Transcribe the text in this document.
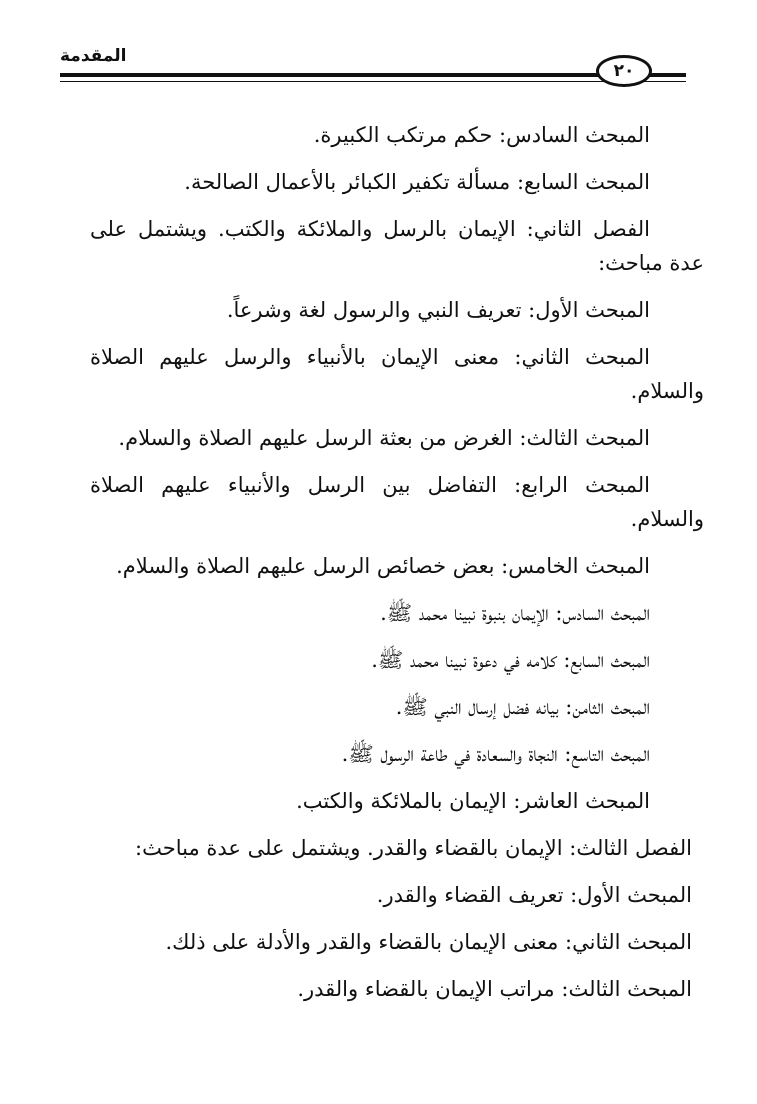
المقدمة
٢٠

المبحث السادس: حكم مرتكب الكبيرة.

المبحث السابع: مسألة تكفير الكبائر بالأعمال الصالحة.

الفصل الثاني: الإيمان بالرسل والملائكة والكتب. ويشتمل على
عدة مباحث:

المبحث الأول: تعريف النبي والرسول لغة وشرعاً.

المبحث الثاني: معنى الإيمان بالأنبياء والرسل عليهم الصلاة
والسلام.

المبحث الثالث: الغرض من بعثة الرسل عليهم الصلاة والسلام.

المبحث الرابع: التفاضل بين الرسل والأنبياء عليهم الصلاة
والسلام.

المبحث الخامس: بعض خصائص الرسل عليهم الصلاة والسلام.

المبحث السادس: الإيمان بنبوة نبينا محمد ﷺ.

المبحث السابع: كلامه في دعوة نبينا محمد ﷺ.

المبحث الثامن: بيانه فضل إرسال النبي ﷺ.

المبحث التاسع: النجاة والسعادة في طاعة الرسول ﷺ.

المبحث العاشر: الإيمان بالملائكة والكتب.

الفصل الثالث: الإيمان بالقضاء والقدر. ويشتمل على عدة مباحث:

المبحث الأول: تعريف القضاء والقدر.

المبحث الثاني: معنى الإيمان بالقضاء والقدر والأدلة على ذلك.

المبحث الثالث: مراتب الإيمان بالقضاء والقدر.
